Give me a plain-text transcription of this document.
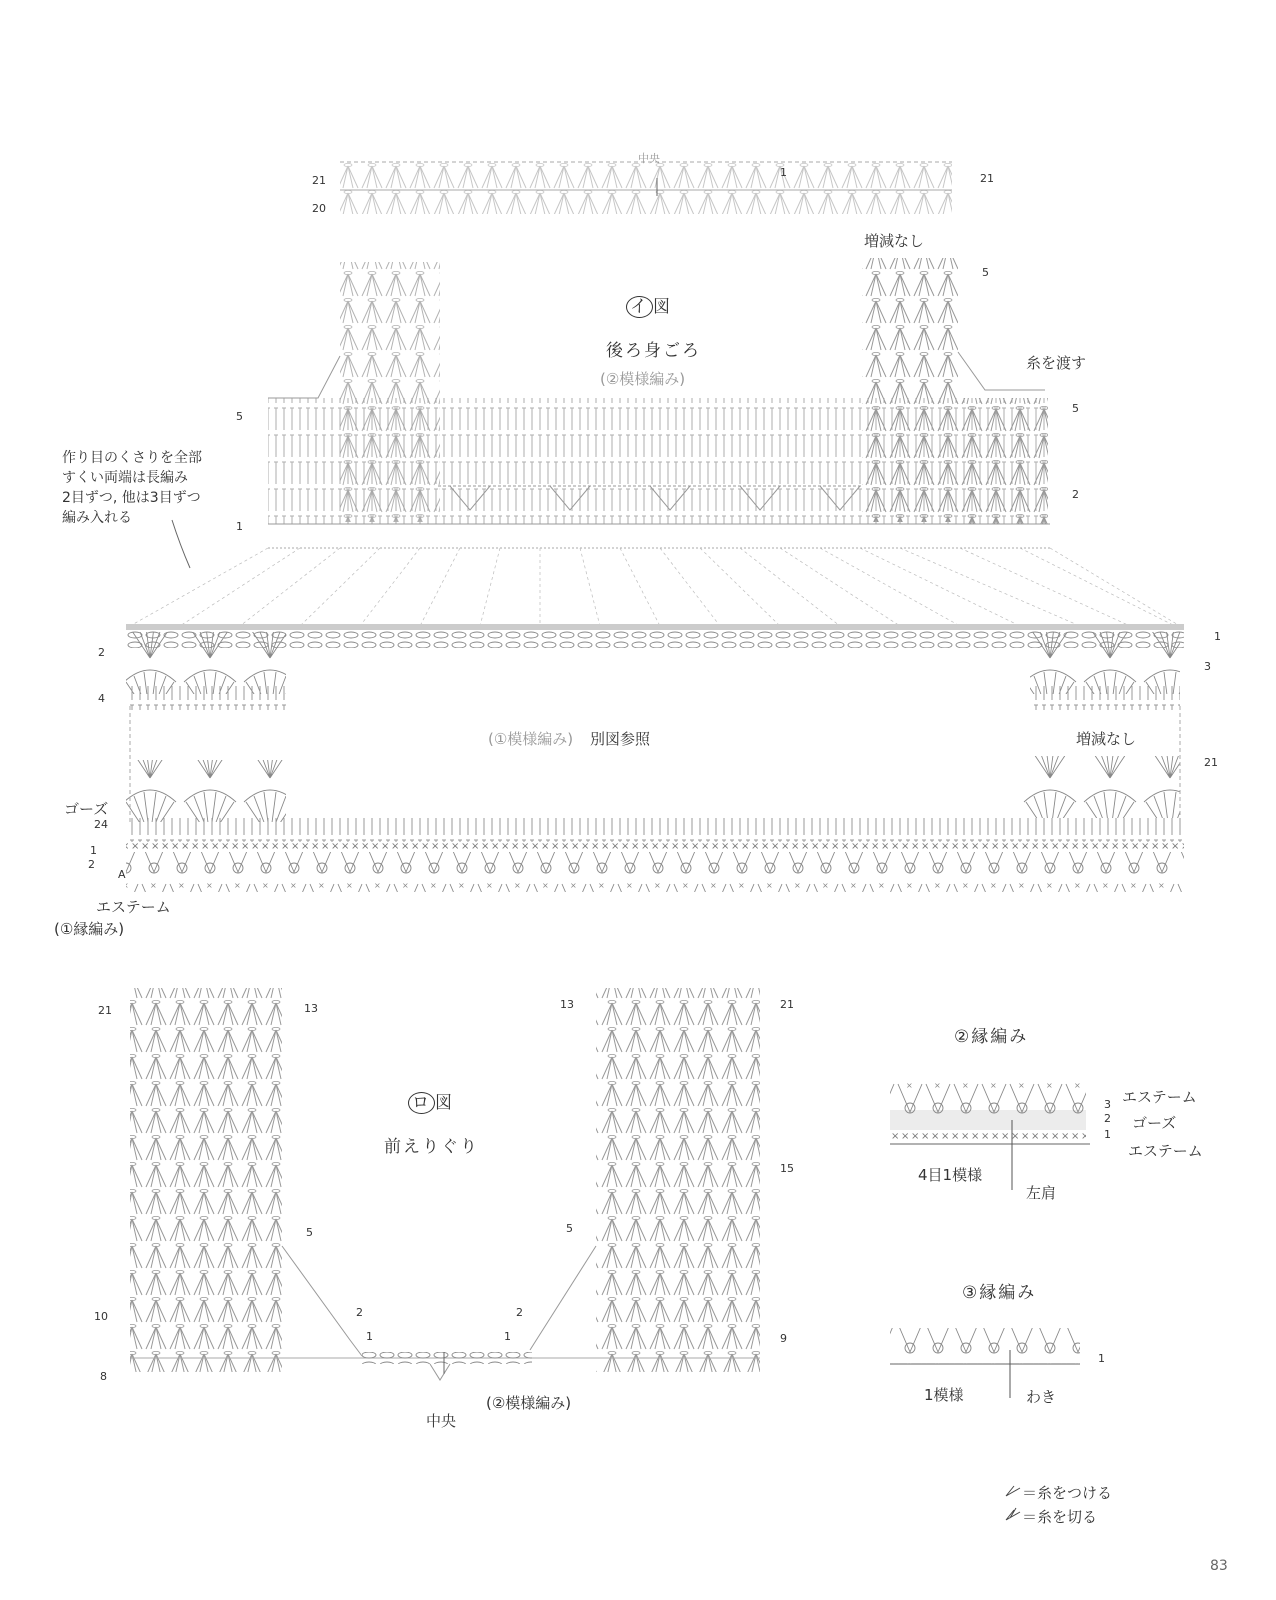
イ 図
後ろ身ごろ
(②模様編み)
中央
増減なし
糸を渡す
21
20
5
1
21
5
1
5
2
作り目のくさりを全部
すくい両端は長編み
2目ずつ, 他は3目ずつ
編み入れる
(①模様編み) 別図参照	増減なし
2
4
24
1
2
A
1
3
21
ゴーズ
エステーム
(①縁編み)
ロ 図
前えりぐり
(②模様編み)
中央
21	13
5
10
8
2
1
13	21
15
5
2
1	9
②縁編み
エステーム
ゴーズ
エステーム
4目1模様
左肩
3
2
1
③縁編み
1模様	わき
1
＝糸をつける
＝糸を切る
83
